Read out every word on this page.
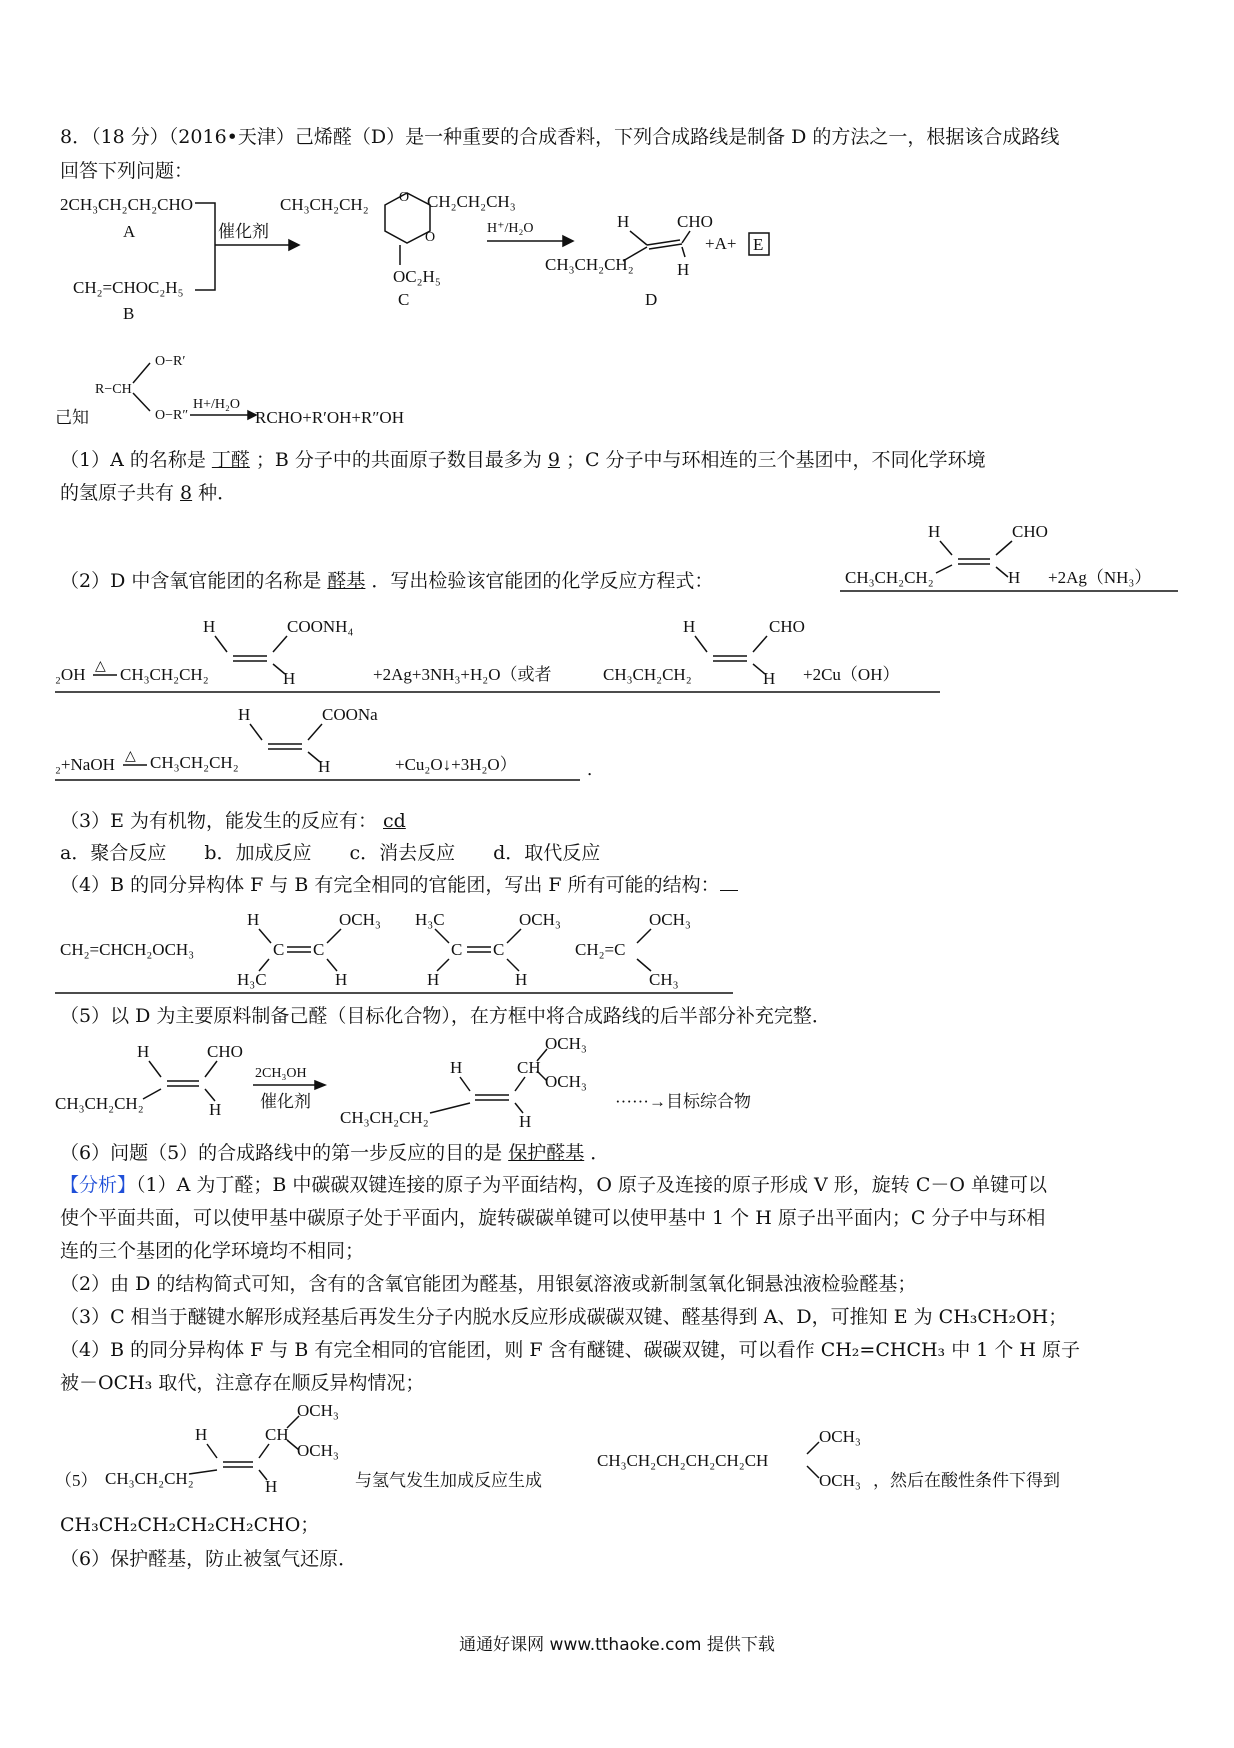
8．（18 分）（2016•天津）己烯醛（D）是一种重要的合成香料，下列合成路线是制备 D 的方法之一，根据该合成路线
回答下列问题：
2CH₃CH₂CH₂CHO
A
CH₂=CHOC₂H₅
B
催化剂
CH₃CH₂CH₂ O
O
CH₂CH₂CH₃
OC₂H₅
C
H⁺/H₂O	H	CHO
CH₃CH₂CH₂	H
D
+A+ E
O−R′
R−CH
O−R″
己知
H+/H₂O
RCHO+R′OH+R″OH
（1）A 的名称是 丁醛 ；B 分子中的共面原子数目最多为 9 ；C 分子中与环相连的三个基团中，不同化学环境
的氢原子共有 8 种．
（2）D 中含氧官能团的名称是 醛基 ．写出检验该官能团的化学反应方程式：
H	CHO
CH₃CH₂CH₂	H +2Ag（NH₃）
₂OH △ CH₃CH₂CH₂
H	COONH₄
H	+2Ag+3NH₃+H₂O（或者	CH₃CH₂CH₂
H	CHO
H +2Cu（OH）
₂+NaOH △ CH₃CH₂CH₂
H	COONa
H	+Cu₂O↓+3H₂O）	．
（3）E 为有机物，能发生的反应有： cd
a．聚合反应　　b．加成反应　　c．消去反应　　d．取代反应
（4）B 的同分异构体 F 与 B 有完全相同的官能团，写出 F 所有可能的结构：
CH₂=CHCH₂OCH₃
H
C C
OCH₃
H₃C	H
H₃C
C C
OCH₃
H	H
CH₂=C
OCH₃
CH₃
（5）以 D 为主要原料制备己醛（目标化合物），在方框中将合成路线的后半部分补充完整．
H	CHO
CH₃CH₂CH₂	H
2CH₃OH
催化剂
H	CH
OCH₃
OCH₃
CH₃CH₂CH₂	H
······→目标综合物
（6）问题（5）的合成路线中的第一步反应的目的是 保护醛基 ．
【分析】（1）A 为丁醛；B 中碳碳双键连接的原子为平面结构，O 原子及连接的原子形成 V 形，旋转 C－O 单键可以
使个平面共面，可以使甲基中碳原子处于平面内，旋转碳碳单键可以使甲基中 1 个 H 原子出平面内；C 分子中与环相
连的三个基团的化学环境均不相同；
（2）由 D 的结构简式可知，含有的含氧官能团为醛基，用银氨溶液或新制氢氧化铜悬浊液检验醛基；
（3）C 相当于醚键水解形成羟基后再发生分子内脱水反应形成碳碳双键、醛基得到 A、D，可推知 E 为 CH₃CH₂OH；
（4）B 的同分异构体 F 与 B 有完全相同的官能团，则 F 含有醚键、碳碳双键，可以看作 CH₂=CHCH₃ 中 1 个 H 原子
被－OCH₃ 取代，注意存在顺反异构情况；
（5）
H	CH
OCH₃
OCH₃
CH₃CH₂CH₂	H	与氢气发生加成反应生成
CH₃CH₂CH₂CH₂CH₂CH
OCH₃
OCH₃ ，然后在酸性条件下得到
CH₃CH₂CH₂CH₂CH₂CHO；
（6）保护醛基，防止被氢气还原．
通通好课网 www.tthaoke.com 提供下载
